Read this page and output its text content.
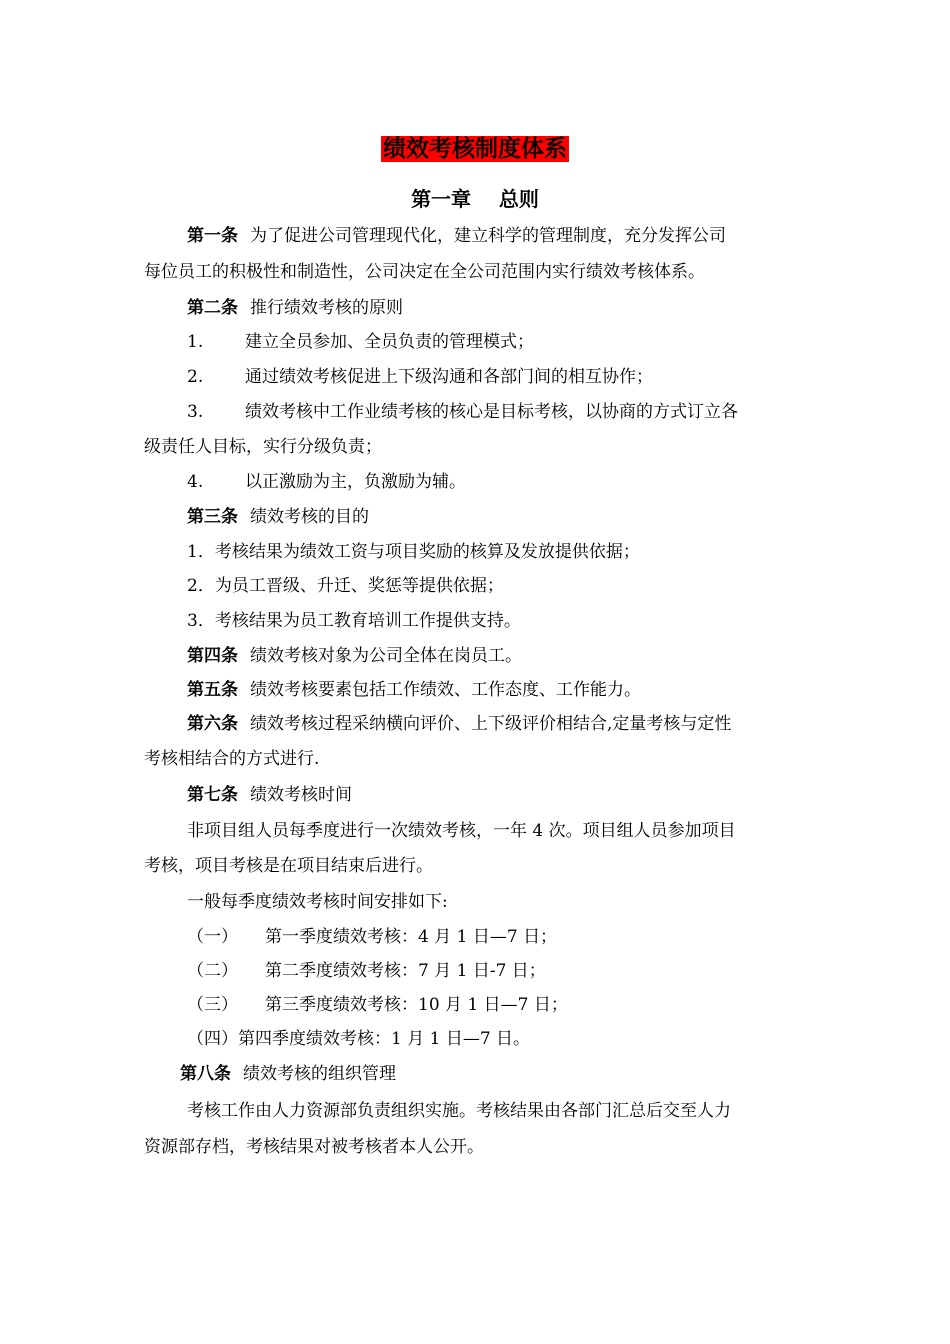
绩效考核制度体系
第一章    总则
第一条 为了促进公司管理现代化，建立科学的管理制度，充分发挥公司
每位员工的积极性和制造性，公司决定在全公司范围内实行绩效考核体系。
第二条 推行绩效考核的原则
1. 建立全员参加、全员负责的管理模式；
2. 通过绩效考核促进上下级沟通和各部门间的相互协作；
3. 绩效考核中工作业绩考核的核心是目标考核，以协商的方式订立各
级责任人目标，实行分级负责；
4. 以正激励为主，负激励为辅。
第三条 绩效考核的目的
1．考核结果为绩效工资与项目奖励的核算及发放提供依据；
2．为员工晋级、升迁、奖惩等提供依据；
3．考核结果为员工教育培训工作提供支持。
第四条 绩效考核对象为公司全体在岗员工。
第五条 绩效考核要素包括工作绩效、工作态度、工作能力。
第六条 绩效考核过程采纳横向评价、上下级评价相结合,定量考核与定性
考核相结合的方式进行.
第七条 绩效考核时间
非项目组人员每季度进行一次绩效考核，一年 4 次。项目组人员参加项目
考核，项目考核是在项目结束后进行。
一般每季度绩效考核时间安排如下:
（一） 第一季度绩效考核：4 月 1 日—7 日；
（二） 第二季度绩效考核：7 月 1 日-7 日；
（三） 第三季度绩效考核：10 月 1 日—7 日；
（四）第四季度绩效考核：1 月 1 日—7 日。
第八条 绩效考核的组织管理
考核工作由人力资源部负责组织实施。考核结果由各部门汇总后交至人力
资源部存档，考核结果对被考核者本人公开。
